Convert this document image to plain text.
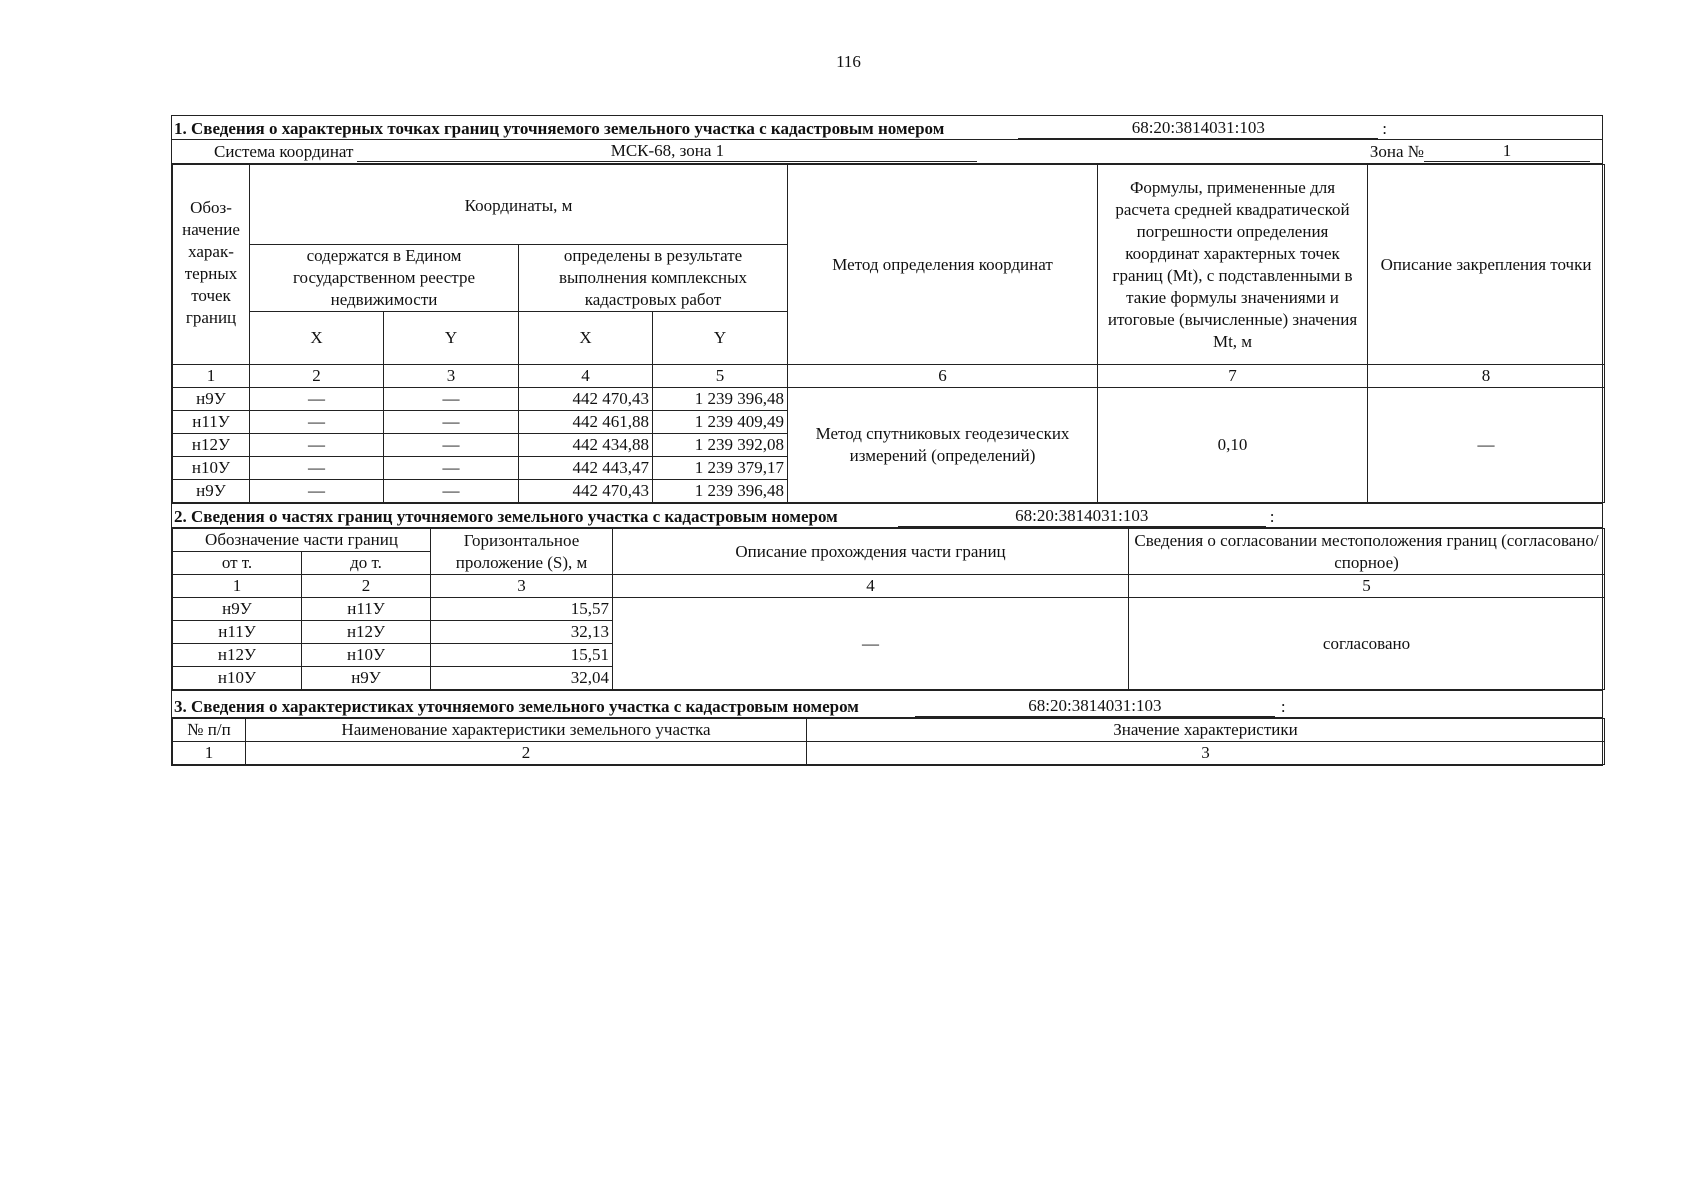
116
1. Сведения о характерных точках границ уточняемого земельного участка с кадастровым номером	68:20:3814031:103	:
Система координат	МСК-68, зона 1	Зона №	1
Обоз-начение харак-терных точек границ	Координаты, м				Метод определения координат	Формулы, примененные для расчета средней квадратической погрешности определения координат характерных точек границ (Mt), с подставленными в такие формулы значениями и итоговые (вычисленные) значения Mt, м	Описание закрепления точки
	содержатся в Едином государственном реестре недвижимости		определены в результате выполнения комплексных кадастровых работ				
	X	Y	X	Y			
1	2	3	4	5	6	7	8
н9У	—	—	442 470,43	1 239 396,48	Метод спутниковых геодезических измерений (определений)	0,10	—
н11У	—	—	442 461,88	1 239 409,49			
н12У	—	—	442 434,88	1 239 392,08			
н10У	—	—	442 443,47	1 239 379,17			
н9У	—	—	442 470,43	1 239 396,48			
2. Сведения о частях границ уточняемого земельного участка с кадастровым номером	68:20:3814031:103	:
Обозначение части границ		Горизонтальное проложение (S), м	Описание прохождения части границ	Сведения о согласовании местоположения границ (согласовано/спорное)
от т.	до т.			
1	2	3	4	5
н9У	н11У	15,57	—	согласовано
н11У	н12У	32,13		
н12У	н10У	15,51		
н10У	н9У	32,04		
3. Сведения о характеристиках уточняемого земельного участка с кадастровым номером	68:20:3814031:103	:
№ п/п	Наименование характеристики земельного участка	Значение характеристики
1	2	3
